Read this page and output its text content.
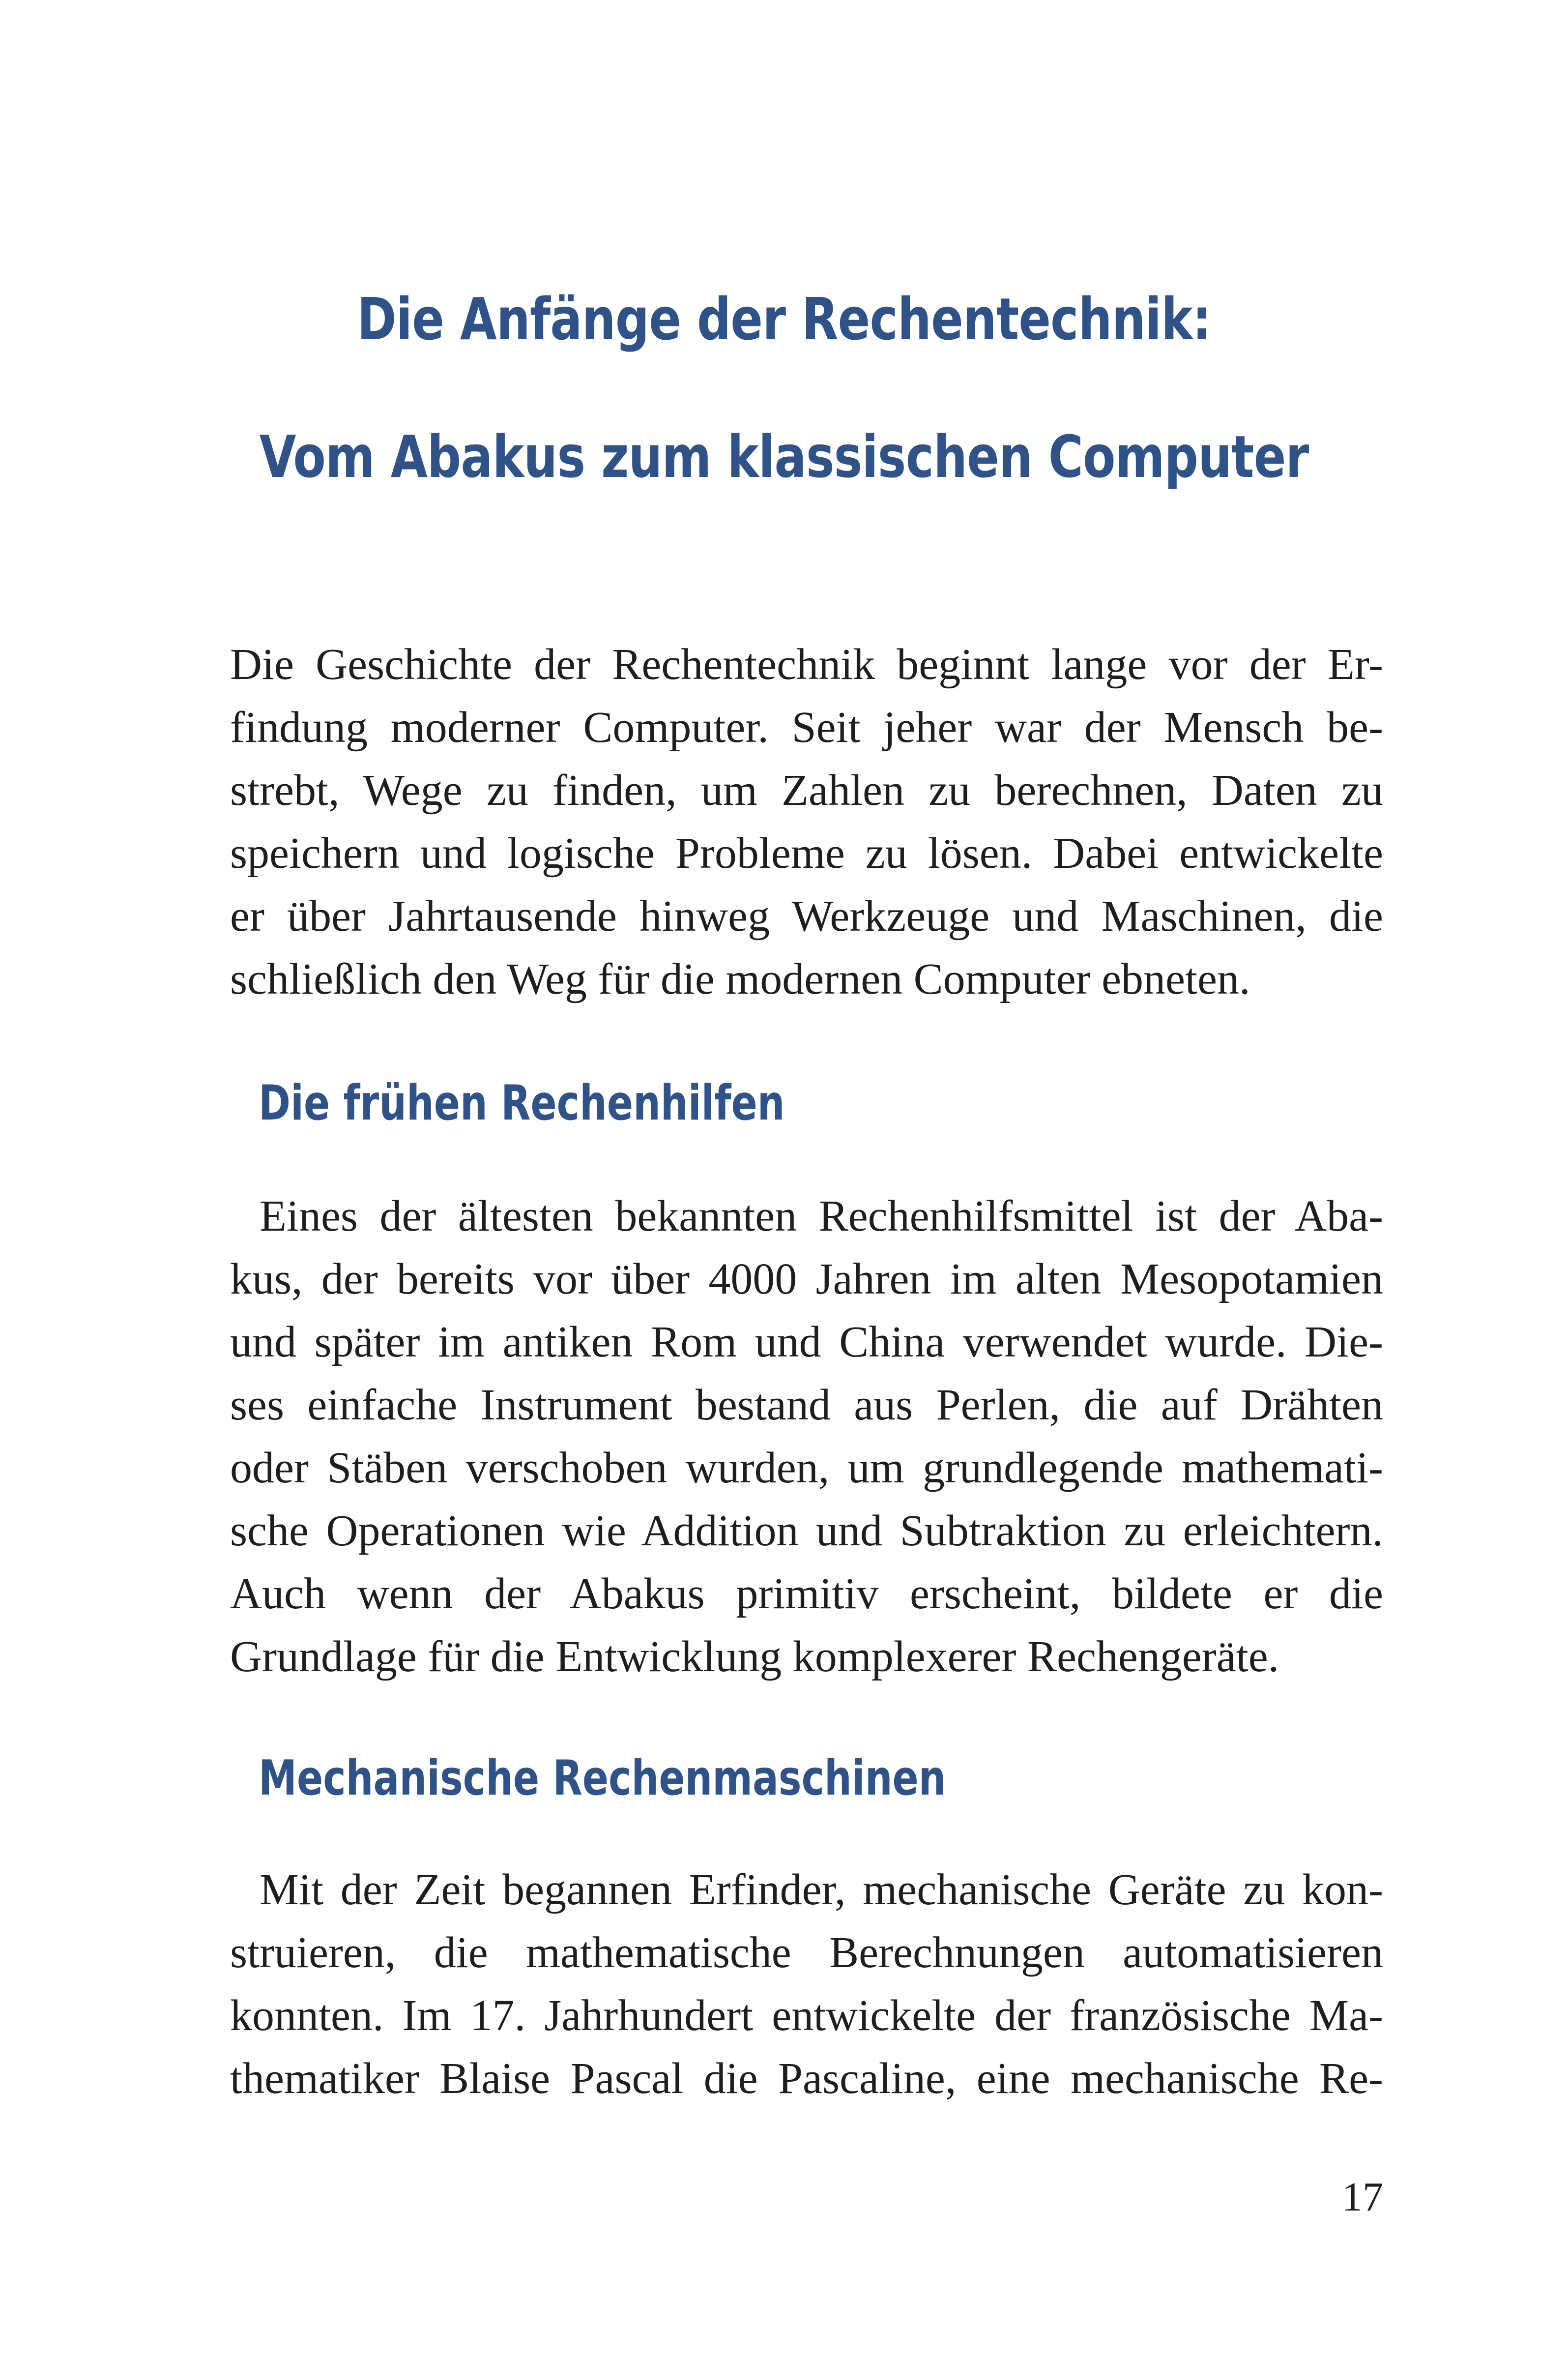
Die Anfänge der Rechentechnik:
Vom Abakus zum klassischen Computer
Die Geschichte der Rechentechnik beginnt lange vor der Er-
findung moderner Computer. Seit jeher war der Mensch be-
strebt, Wege zu finden, um Zahlen zu berechnen, Daten zu
speichern und logische Probleme zu lösen. Dabei entwickelte
er über Jahrtausende hinweg Werkzeuge und Maschinen, die
schließlich den Weg für die modernen Computer ebneten.
Die frühen Rechenhilfen
Eines der ältesten bekannten Rechenhilfsmittel ist der Aba-
kus, der bereits vor über 4000 Jahren im alten Mesopotamien
und später im antiken Rom und China verwendet wurde. Die-
ses einfache Instrument bestand aus Perlen, die auf Drähten
oder Stäben verschoben wurden, um grundlegende mathemati-
sche Operationen wie Addition und Subtraktion zu erleichtern.
Auch wenn der Abakus primitiv erscheint, bildete er die
Grundlage für die Entwicklung komplexerer Rechengeräte.
Mechanische Rechenmaschinen
Mit der Zeit begannen Erfinder, mechanische Geräte zu kon-
struieren, die mathematische Berechnungen automatisieren
konnten. Im 17. Jahrhundert entwickelte der französische Ma-
thematiker Blaise Pascal die Pascaline, eine mechanische Re-
17
